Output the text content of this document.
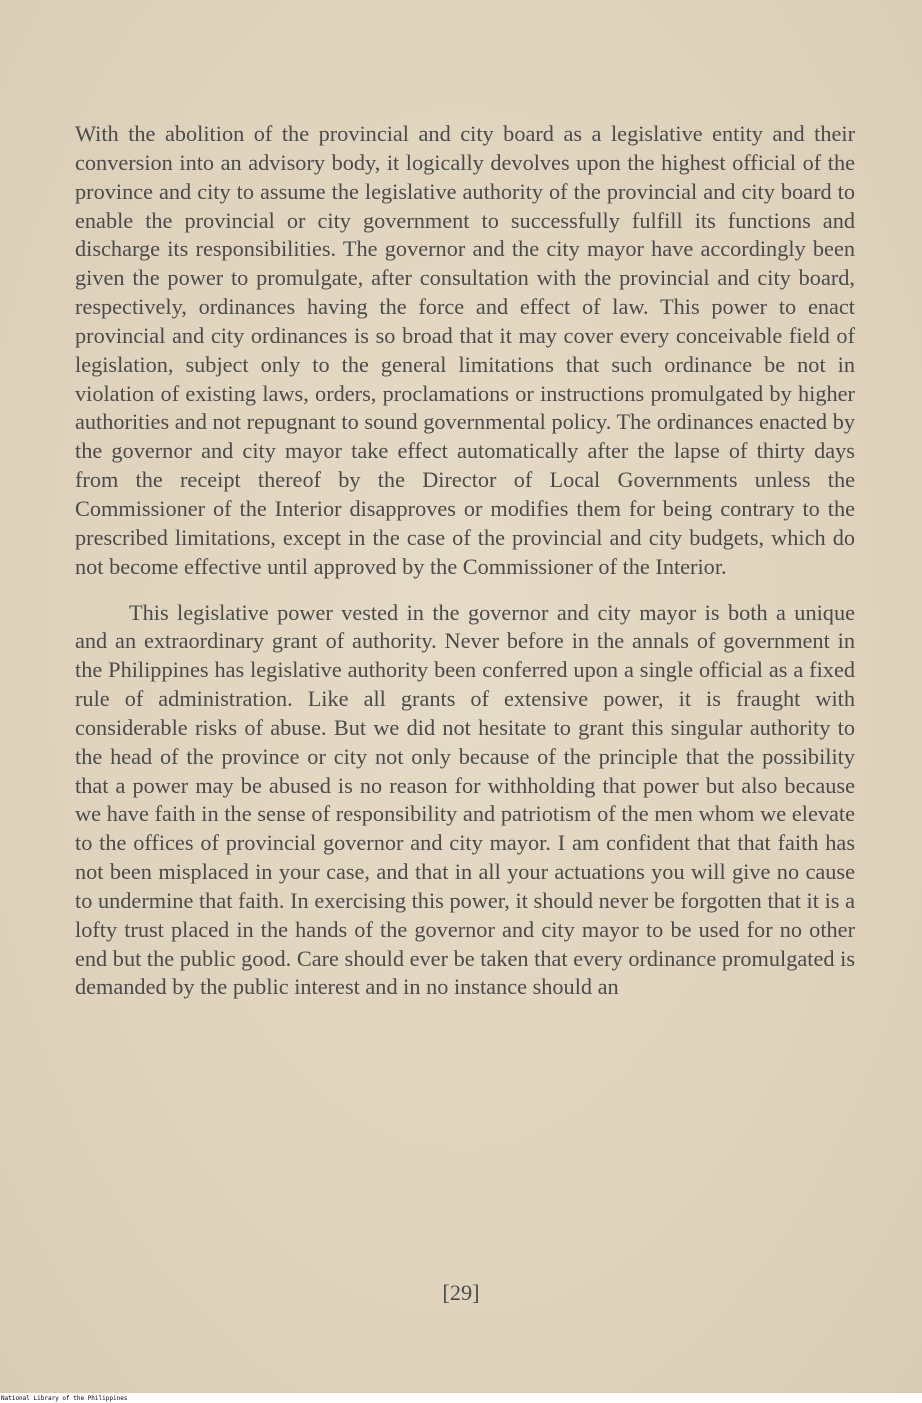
With the abolition of the provincial and city board as a legislative entity and their conversion into an advisory body, it logically devolves upon the highest official of the province and city to assume the legislative authority of the provincial and city board to enable the provincial or city government to successfully fulfill its functions and discharge its responsibilities. The governor and the city mayor have accordingly been given the power to promulgate, after consultation with the provincial and city board, respectively, ordinances having the force and effect of law. This power to enact provincial and city ordinances is so broad that it may cover every conceivable field of legislation, subject only to the general limitations that such ordinance be not in violation of existing laws, orders, proclamations or instructions promulgated by higher authorities and not repugnant to sound governmental policy. The ordinances enacted by the governor and city mayor take effect automatically after the lapse of thirty days from the receipt thereof by the Director of Local Governments unless the Commissioner of the Interior disapproves or modifies them for being contrary to the prescribed limitations, except in the case of the provincial and city budgets, which do not become effective until approved by the Commissioner of the Interior.

This legislative power vested in the governor and city mayor is both a unique and an extraordinary grant of authority. Never before in the annals of government in the Philippines has legislative authority been conferred upon a single official as a fixed rule of administration. Like all grants of extensive power, it is fraught with considerable risks of abuse. But we did not hesitate to grant this singular authority to the head of the province or city not only because of the principle that the possibility that a power may be abused is no reason for withholding that power but also because we have faith in the sense of responsibility and patriotism of the men whom we elevate to the offices of provincial governor and city mayor. I am confident that that faith has not been misplaced in your case, and that in all your actuations you will give no cause to undermine that faith. In exercising this power, it should never be forgotten that it is a lofty trust placed in the hands of the governor and city mayor to be used for no other end but the public good. Care should ever be taken that every ordinance promulgated is demanded by the public interest and in no instance should an

[29]
National Library of the Philippines
